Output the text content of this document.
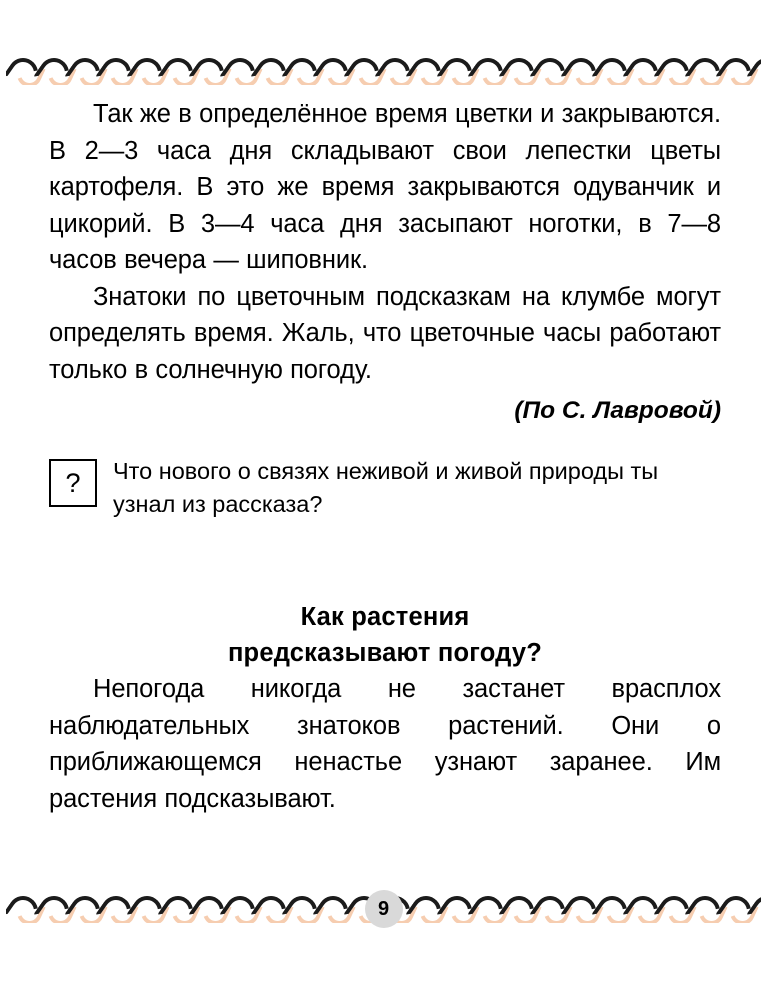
Так же в определённое время цветки и закрываются. В 2—3 часа дня складывают свои лепестки цветы картофеля. В это же время закрываются одуванчик и цикорий. В 3—4 часа дня засыпают ноготки, в 7—8 часов вечера — шиповник.

Знатоки по цветочным подсказкам на клумбе могут определять время. Жаль, что цветочные часы работают только в солнечную погоду.

(По С. Лавровой)
?	Что нового о связях неживой и живой природы ты узнал из рассказа?
Как растения
предсказывают погоду?

Непогода никогда не застанет врасплох наблюдательных знатоков растений. Они о приближающемся ненастье узнают заранее. Им растения подсказывают.

9
